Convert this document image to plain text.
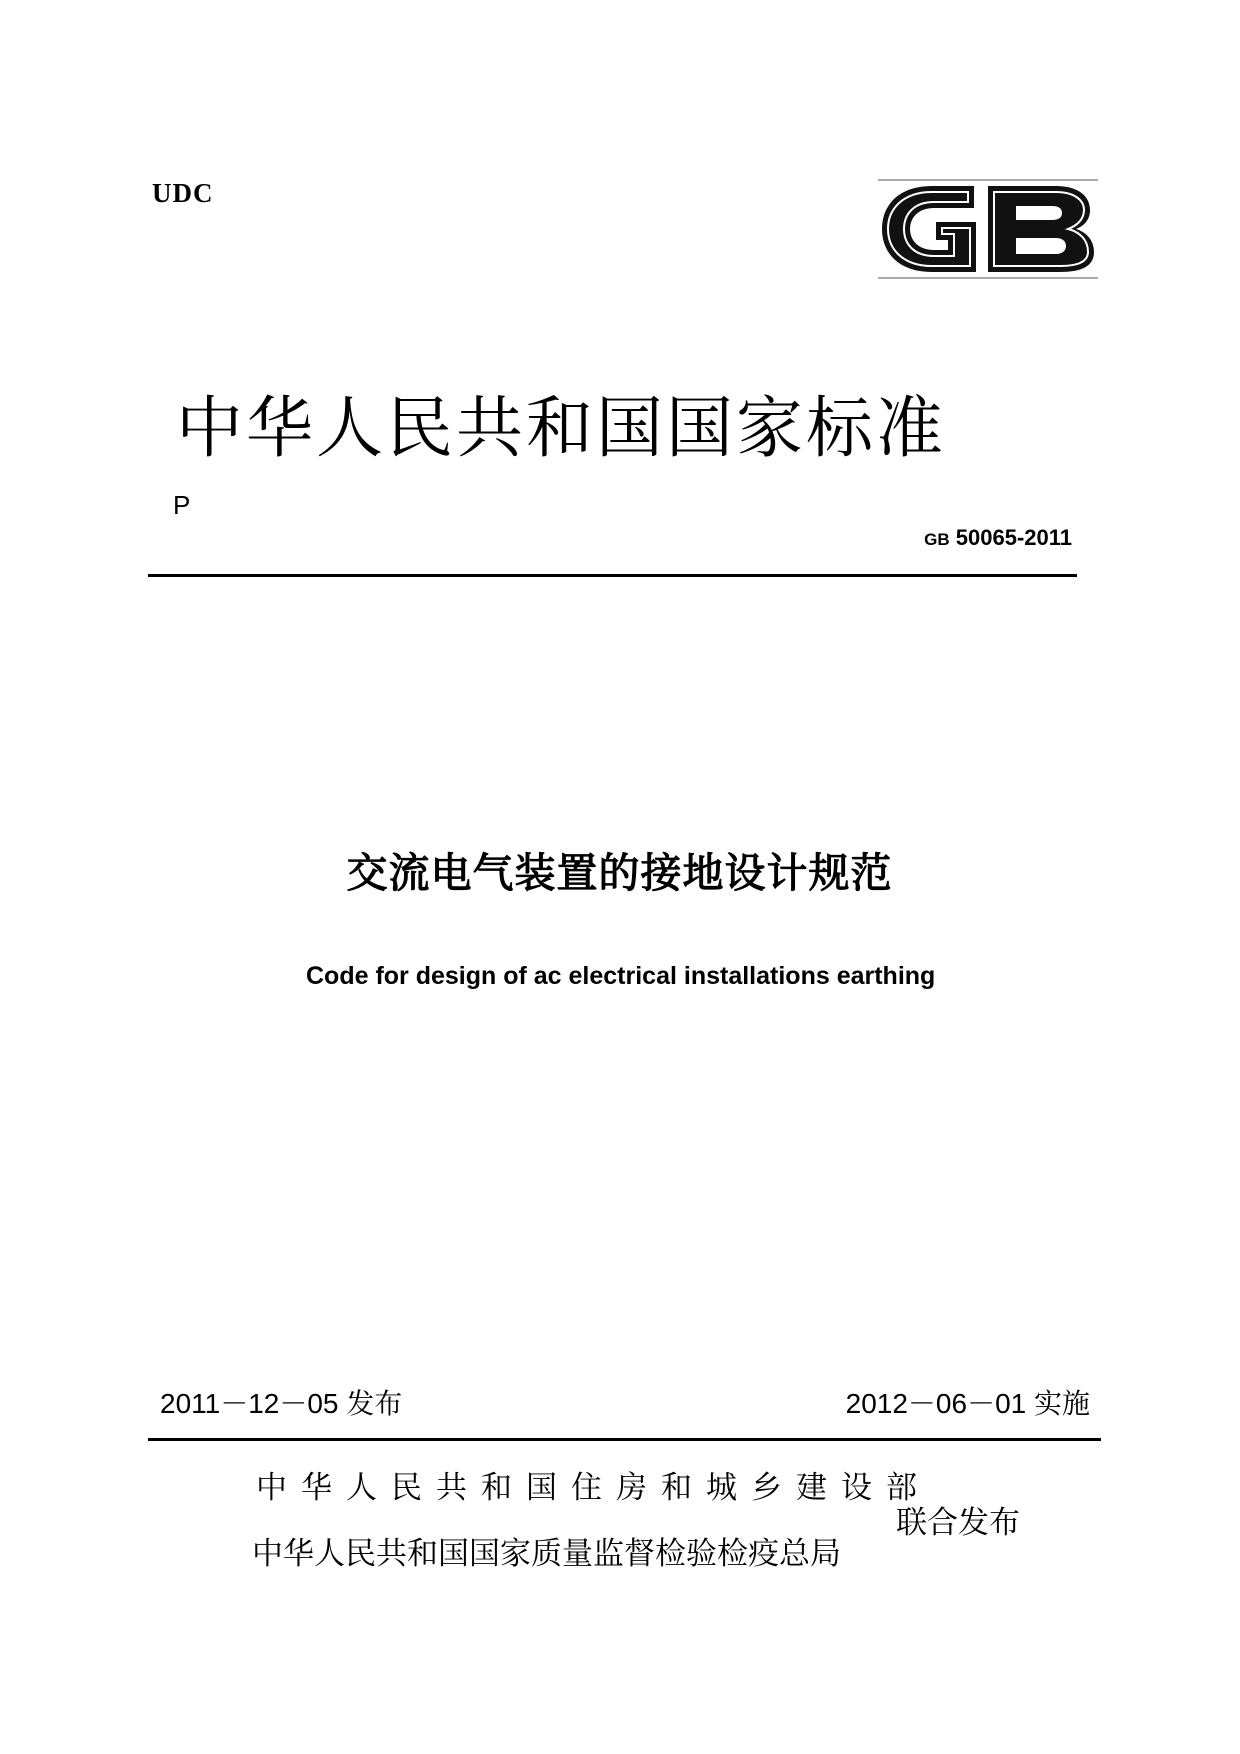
UDC
中华人民共和国国家标准
P
GB 50065-2011
交流电气装置的接地设计规范
Code for design of ac electrical installations earthing
2011－12－05 发布	2012－06－01 实施
中华人民共和国住房和城乡建设部
中华人民共和国国家质量监督检验检疫总局
联合发布
